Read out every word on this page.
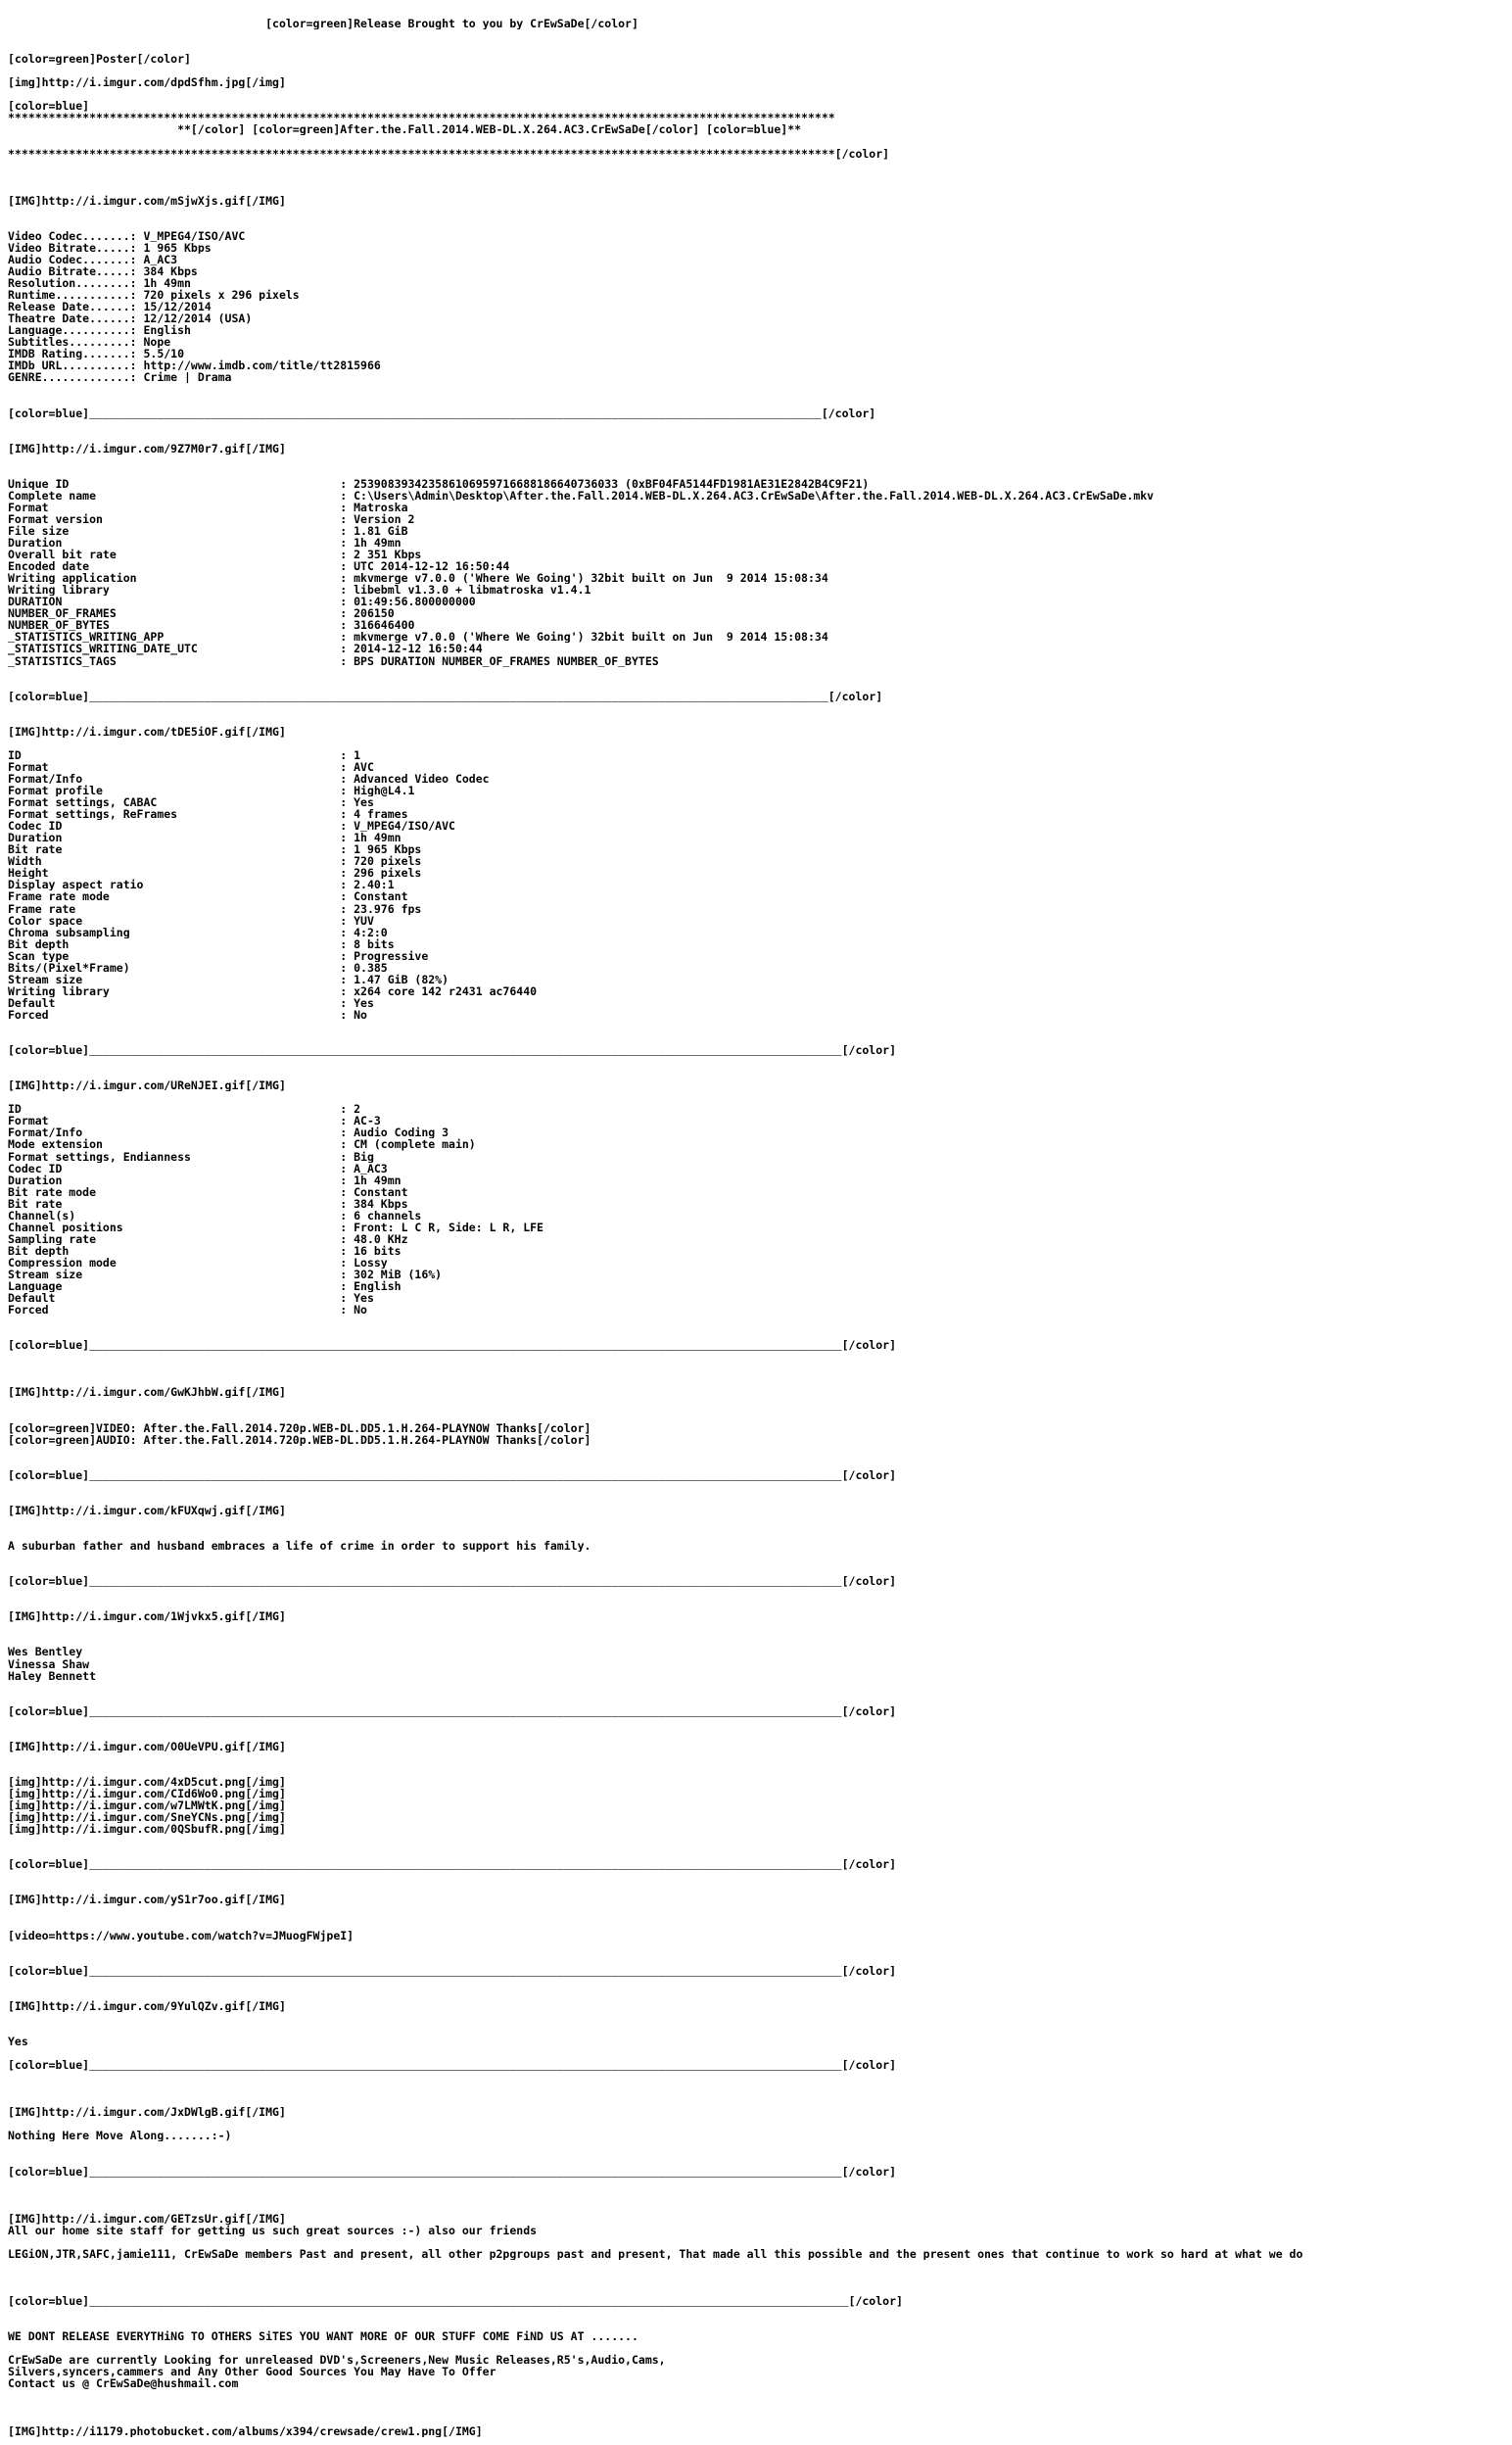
[color=green]Release Brought to you by CrEwSaDe[/color]
[color=green]Poster[/color]
[img]http://i.imgur.com/dpdSfhm.jpg[/img]
[color=blue]
**************************************************************************************************************************
**[/color] [color=green]After.the.Fall.2014.WEB-DL.X.264.AC3.CrEwSaDe[/color] [color=blue]**
**************************************************************************************************************************[/color]
[IMG]http://i.imgur.com/mSjwXjs.gif[/IMG]
Video Codec.......: V_MPEG4/ISO/AVC
Video Bitrate.....: 1 965 Kbps
Audio Codec.......: A_AC3
Audio Bitrate.....: 384 Kbps
Resolution........: 1h 49mn
Runtime...........: 720 pixels x 296 pixels
Release Date......: 15/12/2014
Theatre Date......: 12/12/2014 (USA)
Language..........: English
Subtitles.........: Nope
IMDB Rating.......: 5.5/10
IMDb URL..........: http://www.imdb.com/title/tt2815966
GENRE.............: Crime | Drama
[color=blue]____________________________________________________________________________________________________________[/color]
[IMG]http://i.imgur.com/9Z7M0r7.gif[/IMG]
Unique ID                                        : 253908393423586106959716688186640736033 (0xBF04FA5144FD1981AE31E2842B4C9F21)
Complete name                                    : C:\Users\Admin\Desktop\After.the.Fall.2014.WEB-DL.X.264.AC3.CrEwSaDe\After.the.Fall.2014.WEB-DL.X.264.AC3.CrEwSaDe.mkv
Format                                           : Matroska
Format version                                   : Version 2
File size                                        : 1.81 GiB
Duration                                         : 1h 49mn
Overall bit rate                                 : 2 351 Kbps
Encoded date                                     : UTC 2014-12-12 16:50:44
Writing application                              : mkvmerge v7.0.0 ('Where We Going') 32bit built on Jun  9 2014 15:08:34
Writing library                                  : libebml v1.3.0 + libmatroska v1.4.1
DURATION                                         : 01:49:56.800000000
NUMBER_OF_FRAMES                                 : 206150
NUMBER_OF_BYTES                                  : 316646400
_STATISTICS_WRITING_APP                          : mkvmerge v7.0.0 ('Where We Going') 32bit built on Jun  9 2014 15:08:34
_STATISTICS_WRITING_DATE_UTC                     : 2014-12-12 16:50:44
_STATISTICS_TAGS                                 : BPS DURATION NUMBER_OF_FRAMES NUMBER_OF_BYTES
[color=blue]_____________________________________________________________________________________________________________[/color]
[IMG]http://i.imgur.com/tDE5iOF.gif[/IMG]
ID                                               : 1
Format                                           : AVC
Format/Info                                      : Advanced Video Codec
Format profile                                   : High@L4.1
Format settings, CABAC                           : Yes
Format settings, ReFrames                        : 4 frames
Codec ID                                         : V_MPEG4/ISO/AVC
Duration                                         : 1h 49mn
Bit rate                                         : 1 965 Kbps
Width                                            : 720 pixels
Height                                           : 296 pixels
Display aspect ratio                             : 2.40:1
Frame rate mode                                  : Constant
Frame rate                                       : 23.976 fps
Color space                                      : YUV
Chroma subsampling                               : 4:2:0
Bit depth                                        : 8 bits
Scan type                                        : Progressive
Bits/(Pixel*Frame)                               : 0.385
Stream size                                      : 1.47 GiB (82%)
Writing library                                  : x264 core 142 r2431 ac76440
Default                                          : Yes
Forced                                           : No
[color=blue]_______________________________________________________________________________________________________________[/color]
[IMG]http://i.imgur.com/UReNJEI.gif[/IMG]
ID                                               : 2
Format                                           : AC-3
Format/Info                                      : Audio Coding 3
Mode extension                                   : CM (complete main)
Format settings, Endianness                      : Big
Codec ID                                         : A_AC3
Duration                                         : 1h 49mn
Bit rate mode                                    : Constant
Bit rate                                         : 384 Kbps
Channel(s)                                       : 6 channels
Channel positions                                : Front: L C R, Side: L R, LFE
Sampling rate                                    : 48.0 KHz
Bit depth                                        : 16 bits
Compression mode                                 : Lossy
Stream size                                      : 302 MiB (16%)
Language                                         : English
Default                                          : Yes
Forced                                           : No
[color=blue]_______________________________________________________________________________________________________________[/color]
[IMG]http://i.imgur.com/GwKJhbW.gif[/IMG]
[color=green]VIDEO: After.the.Fall.2014.720p.WEB-DL.DD5.1.H.264-PLAYNOW Thanks[/color]
[color=green]AUDIO: After.the.Fall.2014.720p.WEB-DL.DD5.1.H.264-PLAYNOW Thanks[/color]
[color=blue]_______________________________________________________________________________________________________________[/color]
[IMG]http://i.imgur.com/kFUXqwj.gif[/IMG]
A suburban father and husband embraces a life of crime in order to support his family.
[color=blue]_______________________________________________________________________________________________________________[/color]
[IMG]http://i.imgur.com/1Wjvkx5.gif[/IMG]
Wes Bentley
Vinessa Shaw
Haley Bennett
[color=blue]_______________________________________________________________________________________________________________[/color]
[IMG]http://i.imgur.com/O0UeVPU.gif[/IMG]
[img]http://i.imgur.com/4xD5cut.png[/img]
[img]http://i.imgur.com/CId6Wo0.png[/img]
[img]http://i.imgur.com/w7LMWtK.png[/img]
[img]http://i.imgur.com/SneYCNs.png[/img]
[img]http://i.imgur.com/0QSbufR.png[/img]
[color=blue]_______________________________________________________________________________________________________________[/color]
[IMG]http://i.imgur.com/yS1r7oo.gif[/IMG]
[video=https://www.youtube.com/watch?v=JMuogFWjpeI]
[color=blue]_______________________________________________________________________________________________________________[/color]
[IMG]http://i.imgur.com/9YulQZv.gif[/IMG]
Yes
[color=blue]_______________________________________________________________________________________________________________[/color]
[IMG]http://i.imgur.com/JxDWlgB.gif[/IMG]
Nothing Here Move Along.......:-)
[color=blue]_______________________________________________________________________________________________________________[/color]
[IMG]http://i.imgur.com/GETzsUr.gif[/IMG]
All our home site staff for getting us such great sources :-) also our friends
LEGiON,JTR,SAFC,jamie111, CrEwSaDe members Past and present, all other p2pgroups past and present, That made all this possible and the present ones that continue to work so hard at what we do
[color=blue]________________________________________________________________________________________________________________[/color]
WE DONT RELEASE EVERYTHiNG TO OTHERS SiTES YOU WANT MORE OF OUR STUFF COME FiND US AT .......
CrEwSaDe are currently Looking for unreleased DVD's,Screeners,New Music Releases,R5's,Audio,Cams,
Silvers,syncers,cammers and Any Other Good Sources You May Have To Offer
Contact us @ CrEwSaDe@hushmail.com
[IMG]http://i1179.photobucket.com/albums/x394/crewsade/crew1.png[/IMG]
